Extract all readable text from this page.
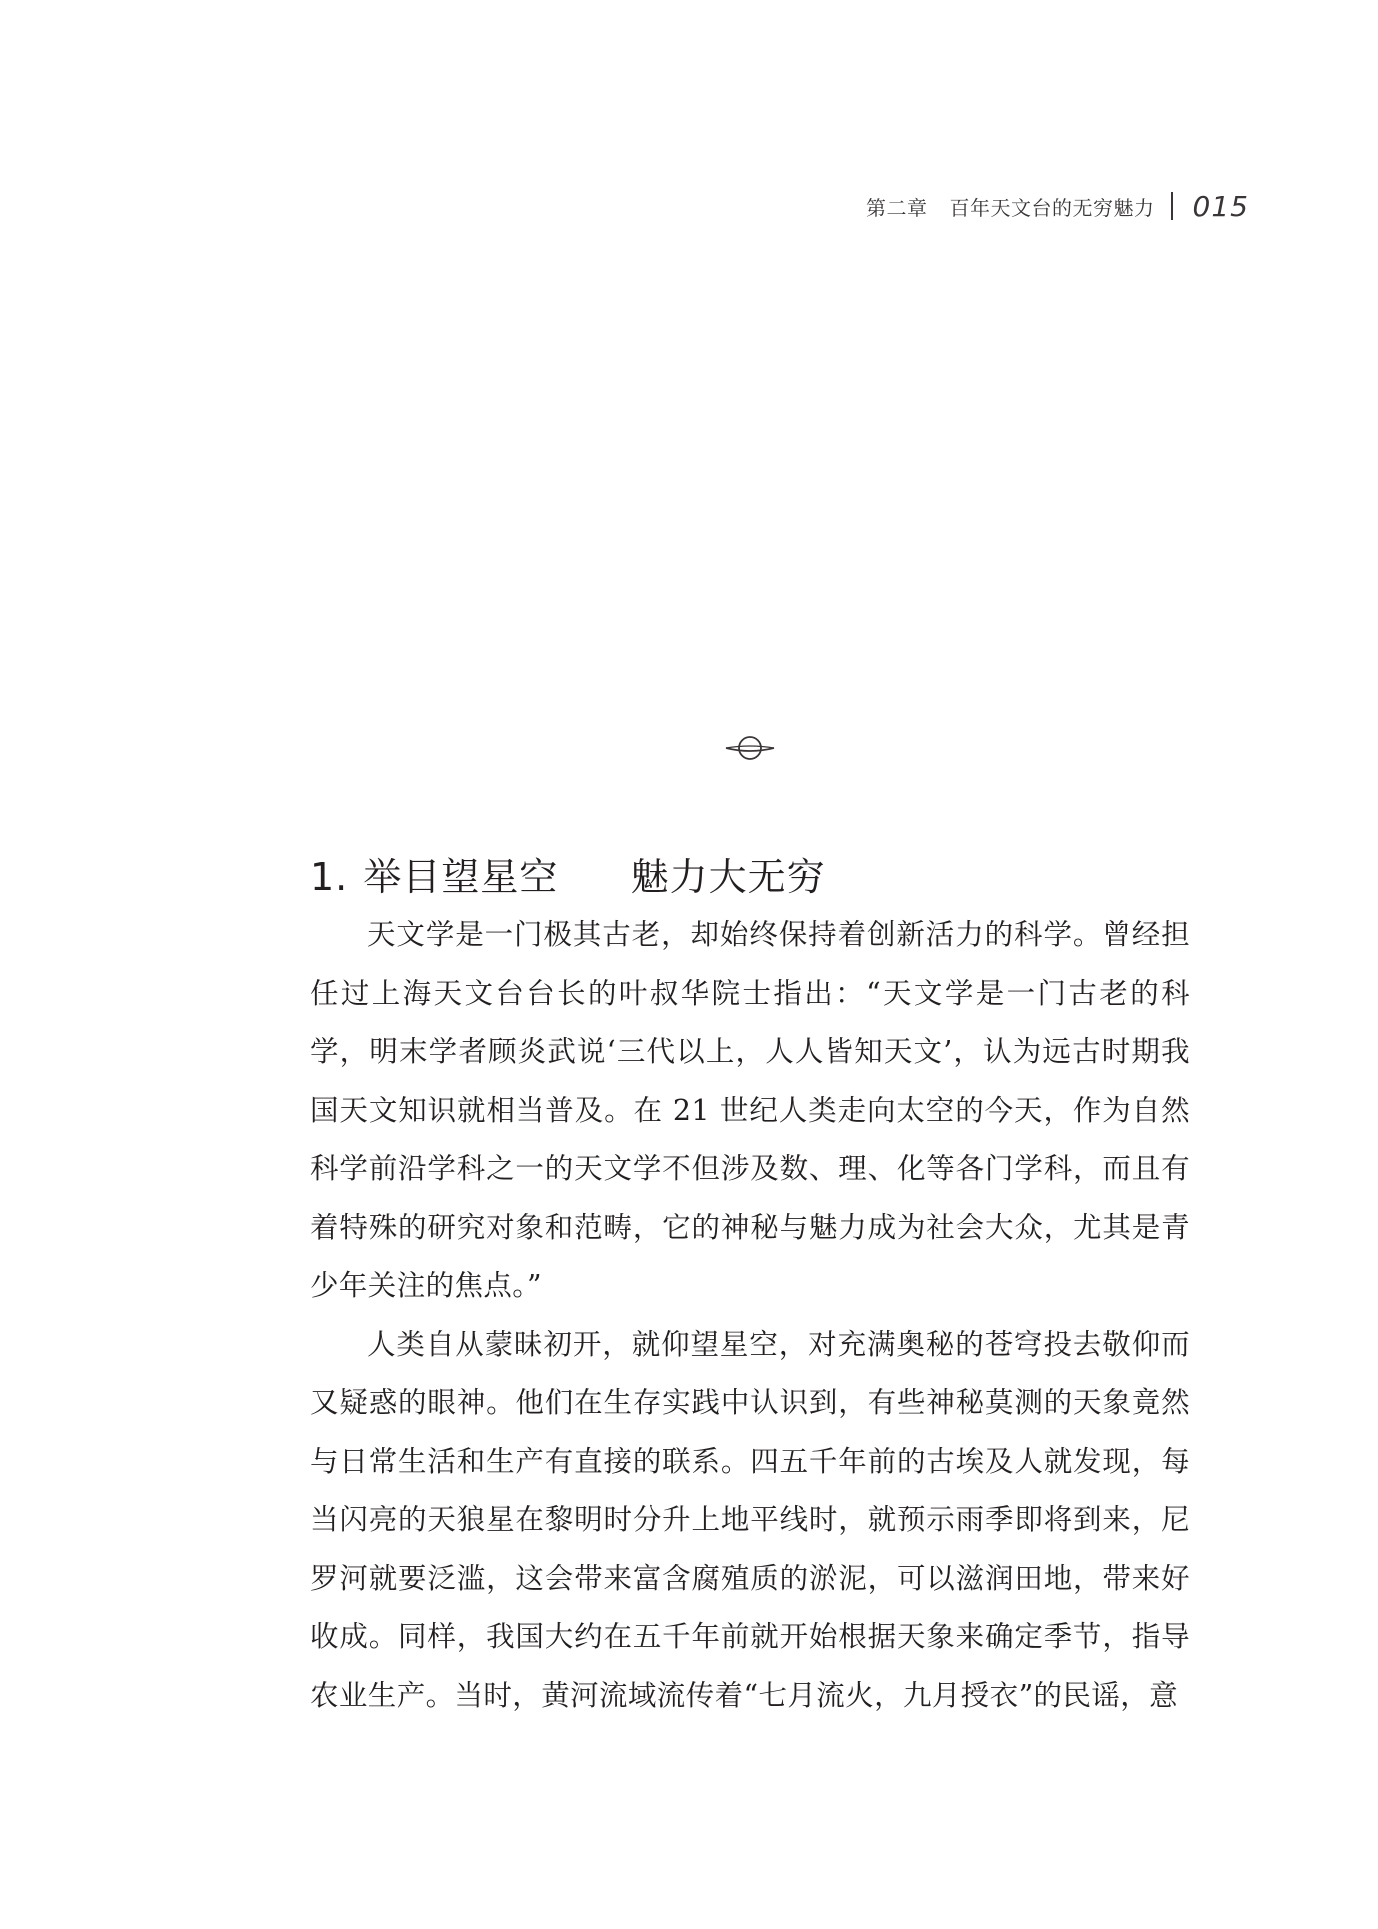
第二章 百年天文台的无穷魅力 015
1. 举目望星空 魅力大无穷

天文学是一门极其古老，却始终保持着创新活力的科学。曾经担任过上海天文台台长的叶叔华院士指出：“天文学是一门古老的科学，明末学者顾炎武说‘三代以上，人人皆知天文’，认为远古时期我国天文知识就相当普及。在 21 世纪人类走向太空的今天，作为自然科学前沿学科之一的天文学不但涉及数、理、化等各门学科，而且有着特殊的研究对象和范畴，它的神秘与魅力成为社会大众，尤其是青少年关注的焦点。”

人类自从蒙昧初开，就仰望星空，对充满奥秘的苍穹投去敬仰而又疑惑的眼神。他们在生存实践中认识到，有些神秘莫测的天象竟然与日常生活和生产有直接的联系。四五千年前的古埃及人就发现，每当闪亮的天狼星在黎明时分升上地平线时，就预示雨季即将到来，尼罗河就要泛滥，这会带来富含腐殖质的淤泥，可以滋润田地，带来好收成。同样，我国大约在五千年前就开始根据天象来确定季节，指导农业生产。当时，黄河流域流传着“七月流火，九月授衣”的民谣，意
